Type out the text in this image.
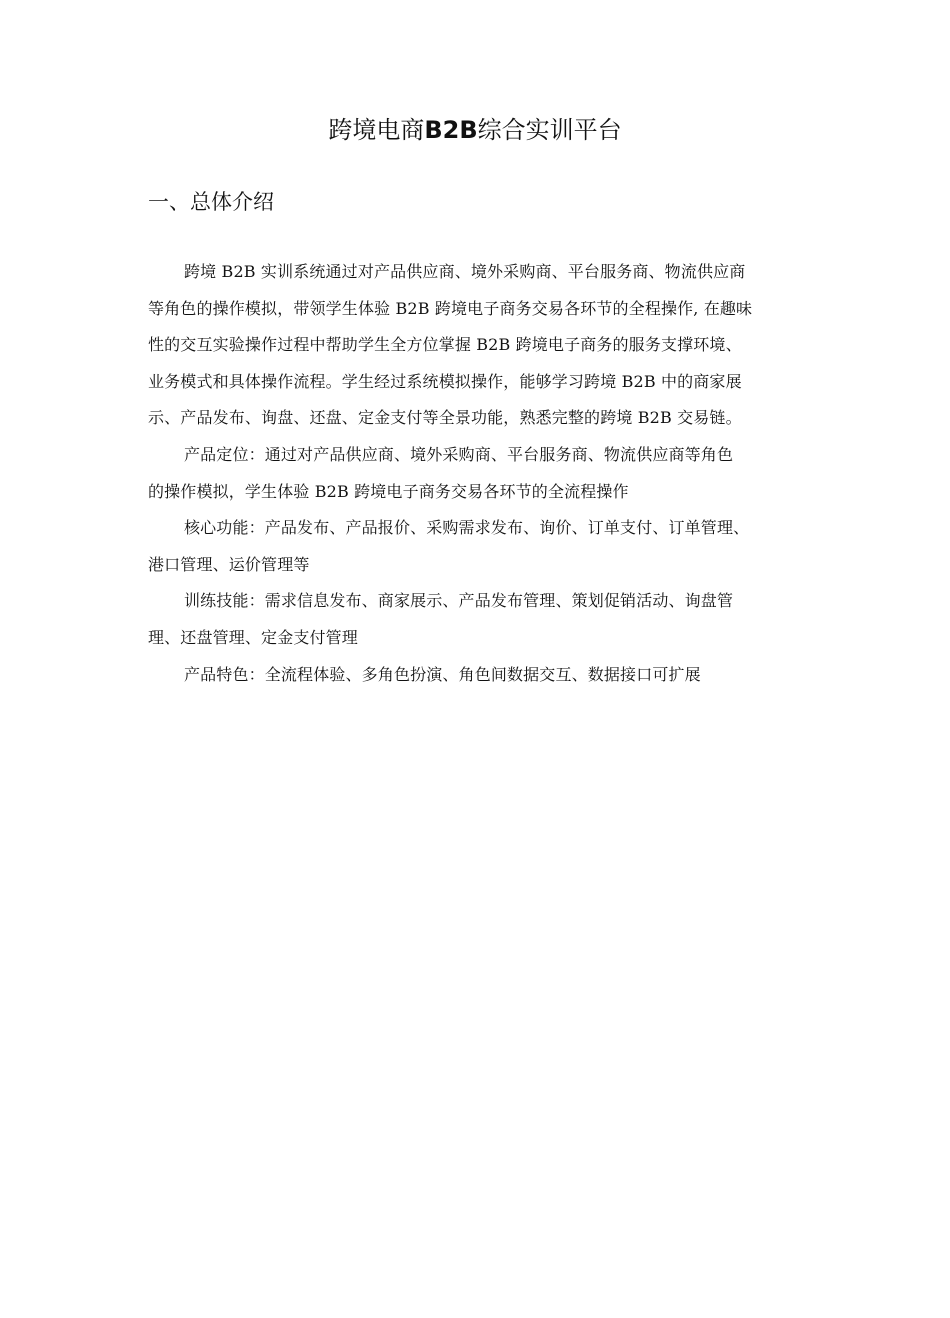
跨境电商B2B综合实训平台
一、总体介绍
跨境 B2B 实训系统通过对产品供应商、境外采购商、平台服务商、物流供应商
等角色的操作模拟，带领学生体验 B2B 跨境电子商务交易各环节的全程操作, 在趣味
性的交互实验操作过程中帮助学生全方位掌握 B2B 跨境电子商务的服务支撑环境、
业务模式和具体操作流程。学生经过系统模拟操作，能够学习跨境 B2B 中的商家展
示、产品发布、询盘、还盘、定金支付等全景功能，熟悉完整的跨境 B2B 交易链。
产品定位：通过对产品供应商、境外采购商、平台服务商、物流供应商等角色
的操作模拟，学生体验 B2B 跨境电子商务交易各环节的全流程操作
核心功能：产品发布、产品报价、采购需求发布、询价、订单支付、订单管理、
港口管理、运价管理等
训练技能：需求信息发布、商家展示、产品发布管理、策划促销活动、询盘管
理、还盘管理、定金支付管理
产品特色：全流程体验、多角色扮演、角色间数据交互、数据接口可扩展
